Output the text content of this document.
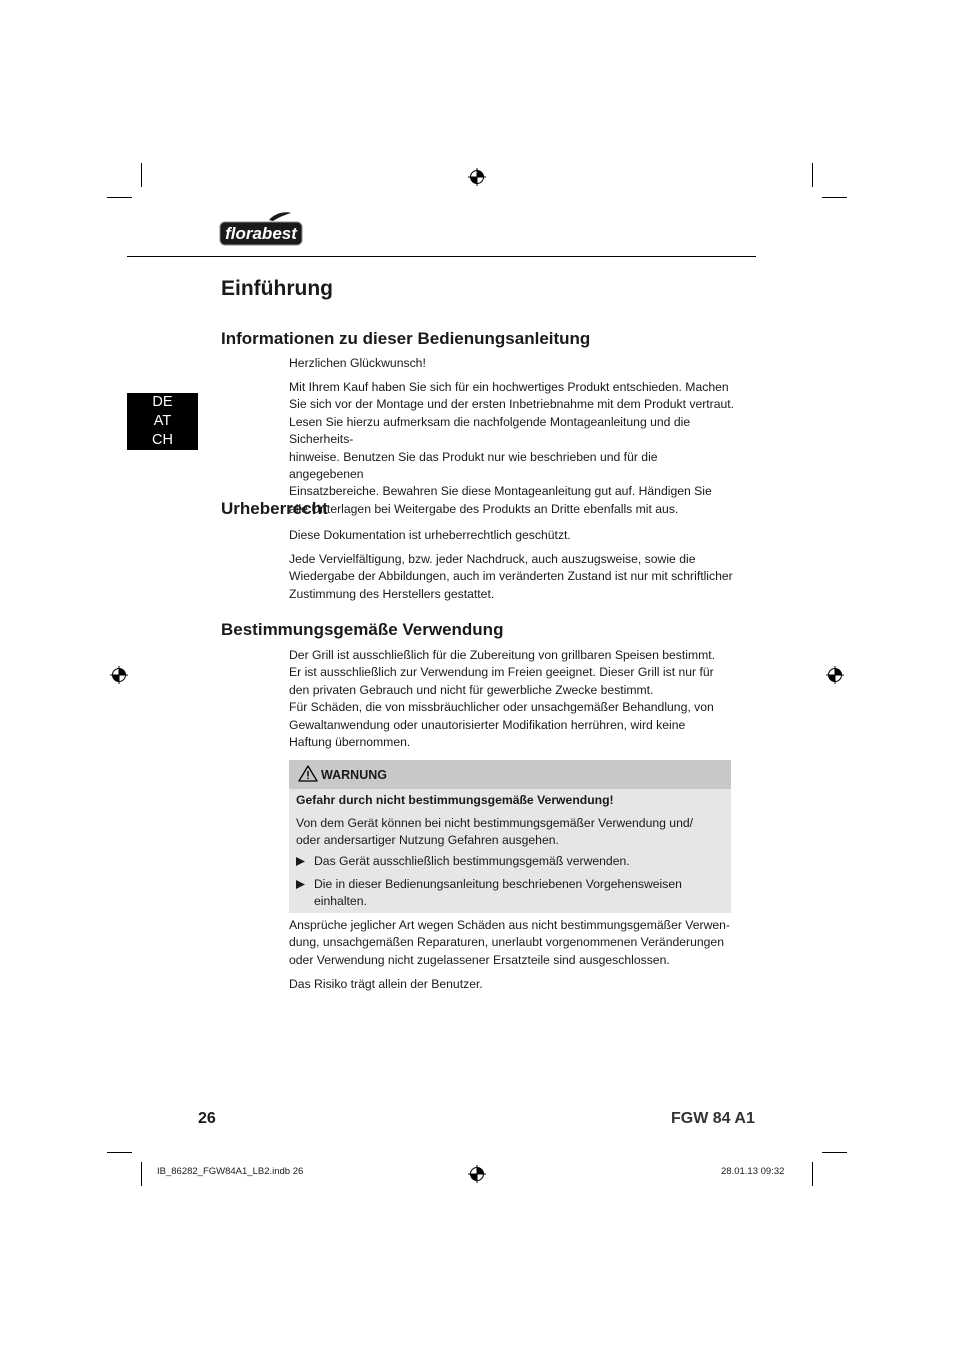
florabest
DE
AT
CH
Einführung
Informationen zu dieser Bedienungsanleitung

Herzlichen Glückwunsch!

Mit Ihrem Kauf haben Sie sich für ein hochwertiges Produkt entschieden. Machen
Sie sich vor der Montage und der ersten Inbetriebnahme mit dem Produkt vertraut.
Lesen Sie hierzu aufmerksam die nachfolgende Montageanleitung und die Sicherheits-
hinweise. Benutzen Sie das Produkt nur wie beschrieben und für die angegebenen
Einsatzbereiche. Bewahren Sie diese Montageanleitung gut auf. Händigen Sie
alle Unterlagen bei Weitergabe des Produkts an Dritte ebenfalls mit aus.
Urheberrecht

Diese Dokumentation ist urheberrechtlich geschützt.

Jede Vervielfältigung, bzw. jeder Nachdruck, auch auszugsweise, sowie die
Wiedergabe der Abbildungen, auch im veränderten Zustand ist nur mit schriftlicher
Zustimmung des Herstellers gestattet.
Bestimmungsgemäße Verwendung
Der Grill ist ausschließlich für die Zubereitung von grillbaren Speisen bestimmt.
Er ist ausschließlich zur Verwendung im Freien geeignet. Dieser Grill ist nur für
den privaten Gebrauch und nicht für gewerbliche Zwecke bestimmt.
Für Schäden, die von missbräuchlicher oder unsachgemäßer Behandlung, von
Gewaltanwendung oder unautorisierter Modifikation herrühren, wird keine
Haftung übernommen.
WARNUNG
Gefahr durch nicht bestimmungsgemäße Verwendung!
Von dem Gerät können bei nicht bestimmungsgemäßer Verwendung und/
oder andersartiger Nutzung Gefahren ausgehen.
Das Gerät ausschließlich bestimmungsgemäß verwenden.
Die in dieser Bedienungsanleitung beschriebenen Vorgehensweisen
einhalten.
Ansprüche jeglicher Art wegen Schäden aus nicht bestimmungsgemäßer Verwen-
dung, unsachgemäßen Reparaturen, unerlaubt vorgenommenen Veränderungen
oder Verwendung nicht zugelassener Ersatzteile sind ausgeschlossen.

Das Risiko trägt allein der Benutzer.

26	FGW 84 A1
IB_86282_FGW84A1_LB2.indb 26	28.01.13 09:32
